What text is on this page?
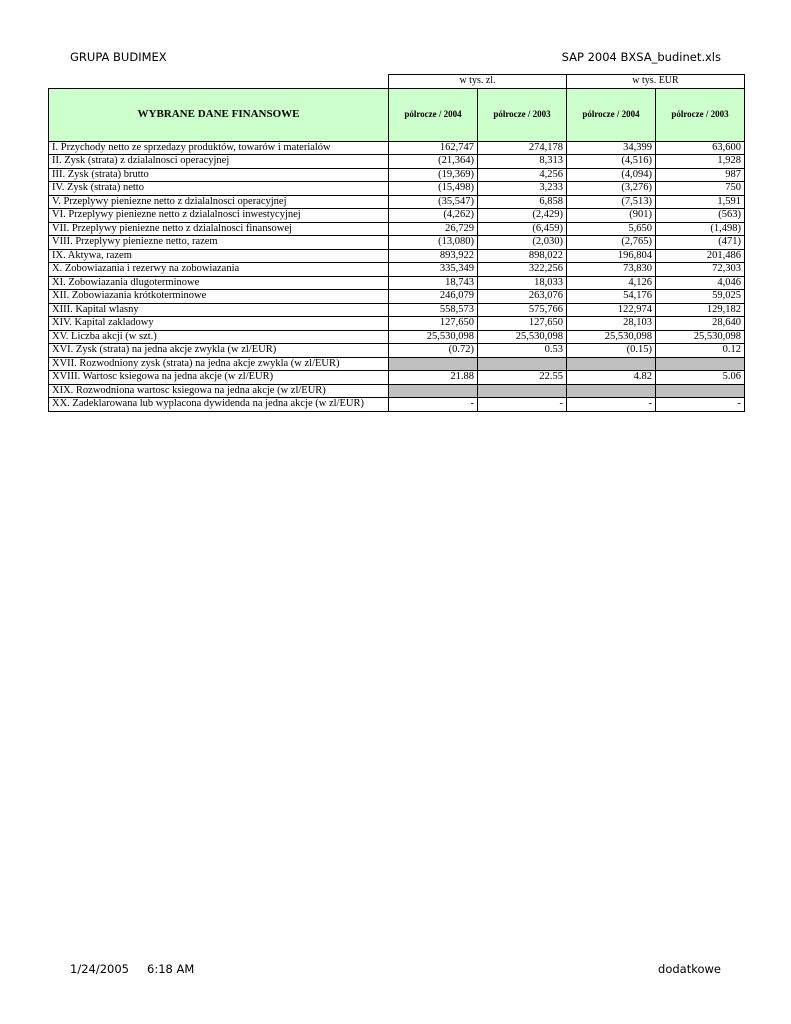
GRUPA BUDIMEX	SAP 2004 BXSA_budinet.xls
	w tys. zl.		w tys. EUR	
WYBRANE DANE FINANSOWE	pólrocze / 2004	pólrocze / 2003	pólrocze / 2004	pólrocze / 2003
I. Przychody netto ze sprzedazy produktów, towarów i materialów	162,747	274,178	34,399	63,600
II. Zysk (strata) z dzialalnosci operacyjnej	(21,364)	8,313	(4,516)	1,928
III. Zysk (strata) brutto	(19,369)	4,256	(4,094)	987
IV. Zysk (strata) netto	(15,498)	3,233	(3,276)	750
V. Przeplywy pieniezne netto z dzialalnosci operacyjnej	(35,547)	6,858	(7,513)	1,591
VI. Przeplywy pieniezne netto z dzialalnosci inwestycyjnej	(4,262)	(2,429)	(901)	(563)
VII. Przeplywy pieniezne netto z dzialalnosci finansowej	26,729	(6,459)	5,650	(1,498)
VIII. Przeplywy pieniezne netto, razem	(13,080)	(2,030)	(2,765)	(471)
IX. Aktywa, razem	893,922	898,022	196,804	201,486
X. Zobowiazania i rezerwy na zobowiazania	335,349	322,256	73,830	72,303
XI. Zobowiazania dlugoterminowe	18,743	18,033	4,126	4,046
XII. Zobowiazania krótkoterminowe	246,079	263,076	54,176	59,025
XIII. Kapital wlasny	558,573	575,766	122,974	129,182
XIV. Kapital zakladowy	127,650	127,650	28,103	28,640
XV. Liczba akcji (w szt.)	25,530,098	25,530,098	25,530,098	25,530,098
XVI. Zysk (strata) na jedna akcje zwykla (w zl/EUR)	(0.72)	0.53	(0.15)	0.12
XVII. Rozwodniony zysk (strata) na jedna akcje zwykla (w zl/EUR)				
XVIII. Wartosc ksiegowa na jedna akcje (w zl/EUR)	21.88	22.55	4.82	5.06
XIX. Rozwodniona wartosc ksiegowa na jedna akcje (w zl/EUR)				
XX. Zadeklarowana lub wyplacona dywidenda na jedna akcje (w zl/EUR)	-	-	-	-
1/24/2005 6:18 AM	dodatkowe
